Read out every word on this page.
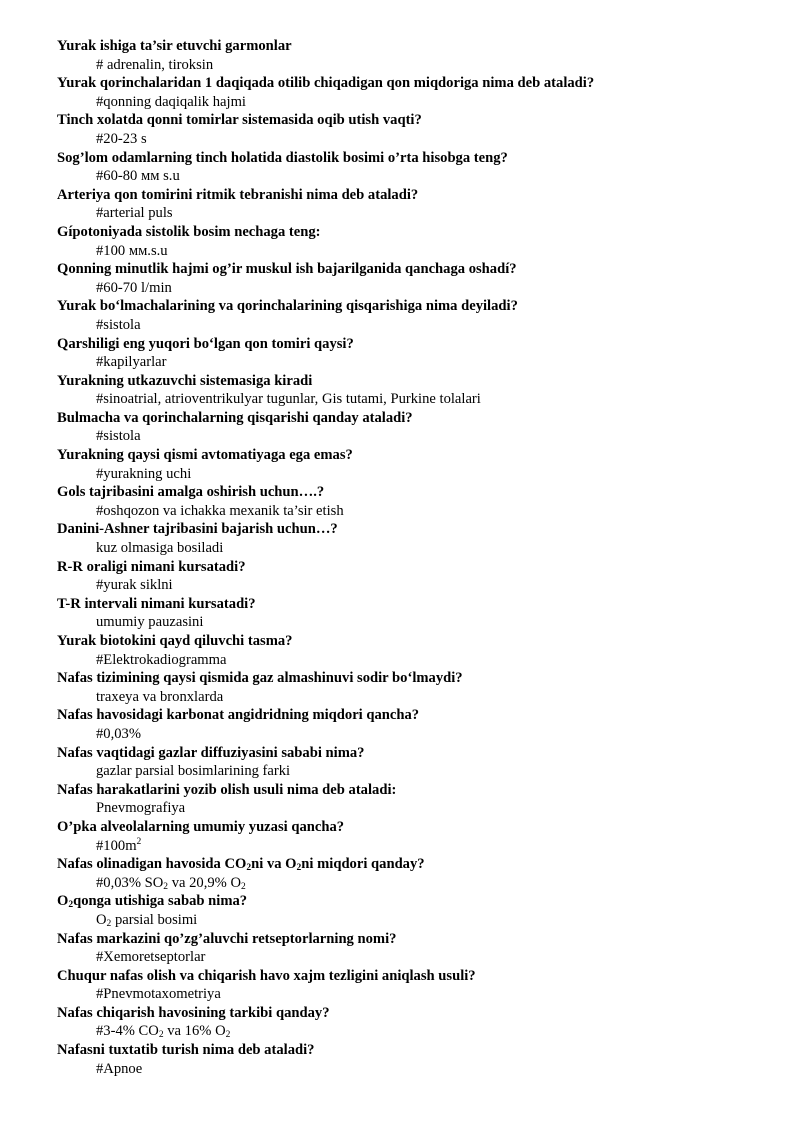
Yurak ishiga ta’sir etuvchi garmonlar
# adrenalin, tiroksin
Yurak qorinchalaridan 1 daqiqada otilib chiqadigan qon miqdoriga nima deb ataladi?
#qonning daqiqalik hajmi
Tinch xolatda qonni tomirlar sistemasida oqib utish vaqti?
#20-23 s
Sog’lom odamlarning tinch holatida diastolik bosimi o’rta hisobga teng?
#60-80 мм s.u
Arteriya qon tomirini ritmik tebranishi nima deb ataladi?
#arterial puls
Gípotoniyada sistolik bosim nechaga teng:
#100 мм.s.u
Qonning minutlik hajmi og’ir muskul ish bajarilganida qanchaga oshadí?
#60-70 l/min
Yurak boʻlmachalarining va qorinchalarining qisqarishiga nima deyiladi?
#sistola
Qarshiligi eng yuqori boʻlgan qon tomiri qaysi?
#kapilyarlar
Yurakning utkazuvchi sistemasiga kiradi
#sinoatrial, atrioventrikulyar tugunlar, Gis tutami, Purkine tolalari
Bulmacha va qorinchalarning qisqarishi qanday ataladi?
#sistola
Yurakning qaysi qismi avtomatiyaga ega emas?
#yurakning uchi
Gols tajribasini amalga oshirish uchun….?
#oshqozon va ichakka mexanik ta’sir etish
Danini-Ashner tajribasini bajarish uchun…?
kuz olmasiga bosiladi
R-R oraligi nimani kursatadi?
#yurak siklni
T-R intervali nimani kursatadi?
umumiy pauzasini
Yurak biotokini qayd qiluvchi tasma?
#Elektrokadiogramma
Nafas tizimining qaysi qismida gaz almashinuvi sodir boʻlmaydi?
traxeya va bronxlarda
Nafas havosidagi karbonat angidridning miqdori qancha?
#0,03%
Nafas vaqtidagi gazlar diffuziyasini sababi nima?
gazlar parsial bosimlarining farki
Nafas harakatlarini yozib olish usuli nima deb ataladi:
Pnevmografiya
O’pka alveolalarning umumiy yuzasi qancha?
$\#100m^2$
Nafas olinadigan havosida $CO_2ni$ va $O_2ni$ miqdori qanday?
#0,03% $SO_2$ va 20,9% $O_2$
$O_2qonga$ utishiga sabab nima?
$O_2$ parsial bosimi
Nafas markazini qo’zg’aluvchi retseptorlarning nomi?
#Xemoretseptorlar
Chuqur nafas olish va chiqarish havo xajm tezligini aniqlash usuli?
#Pnevmotaxometriya
Nafas chiqarish havosining tarkibi qanday?
#3-4% $CO_2$ va 16% $O_2$
Nafasni tuxtatib turish nima deb ataladi?
#Apnoe
